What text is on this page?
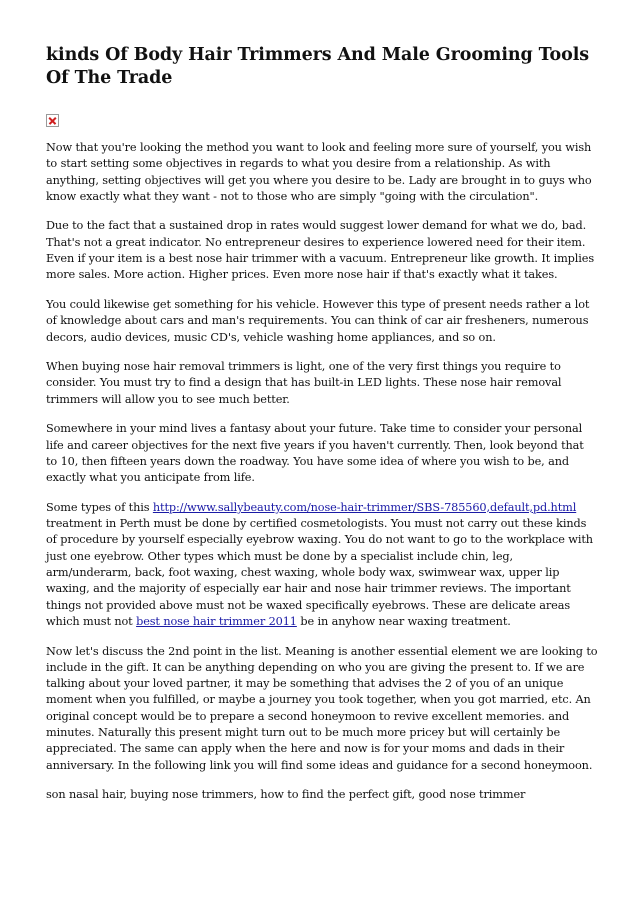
kinds Of Body Hair Trimmers And Male Grooming Tools Of The Trade

Now that you're looking the method you want to look and feeling more sure of yourself, you wish to start setting some objectives in regards to what you desire from a relationship. As with anything, setting objectives will get you where you desire to be. Lady are brought in to guys who know exactly what they want - not to those who are simply "going with the circulation".

Due to the fact that a sustained drop in rates would suggest lower demand for what we do, bad. That's not a great indicator. No entrepreneur desires to experience lowered need for their item. Even if your item is a best nose hair trimmer with a vacuum. Entrepreneur like growth. It implies more sales. More action. Higher prices. Even more nose hair if that's exactly what it takes.

You could likewise get something for his vehicle. However this type of present needs rather a lot of knowledge about cars and man's requirements. You can think of car air fresheners, numerous decors, audio devices, music CD's, vehicle washing home appliances, and so on.

When buying nose hair removal trimmers is light, one of the very first things you require to consider. You must try to find a design that has built-in LED lights. These nose hair removal trimmers will allow you to see much better.

Somewhere in your mind lives a fantasy about your future. Take time to consider your personal life and career objectives for the next five years if you haven't currently. Then, look beyond that to 10, then fifteen years down the roadway. You have some idea of where you wish to be, and exactly what you anticipate from life.

Some types of this http://www.sallybeauty.com/nose-hair-trimmer/SBS-785560,default,pd.html treatment in Perth must be done by certified cosmetologists. You must not carry out these kinds of procedure by yourself especially eyebrow waxing. You do not want to go to the workplace with just one eyebrow. Other types which must be done by a specialist include chin, leg, arm/underarm, back, foot waxing, chest waxing, whole body wax, swimwear wax, upper lip waxing, and the majority of especially ear hair and nose hair trimmer reviews. The important things not provided above must not be waxed specifically eyebrows. These are delicate areas which must not best nose hair trimmer 2011 be in anyhow near waxing treatment.

Now let's discuss the 2nd point in the list. Meaning is another essential element we are looking to include in the gift. It can be anything depending on who you are giving the present to. If we are talking about your loved partner, it may be something that advises the 2 of you of an unique moment when you fulfilled, or maybe a journey you took together, when you got married, etc. An original concept would be to prepare a second honeymoon to revive excellent memories. and minutes. Naturally this present might turn out to be much more pricey but will certainly be appreciated. The same can apply when the here and now is for your moms and dads in their anniversary. In the following link you will find some ideas and guidance for a second honeymoon.

son nasal hair, buying nose trimmers, how to find the perfect gift, good nose trimmer
